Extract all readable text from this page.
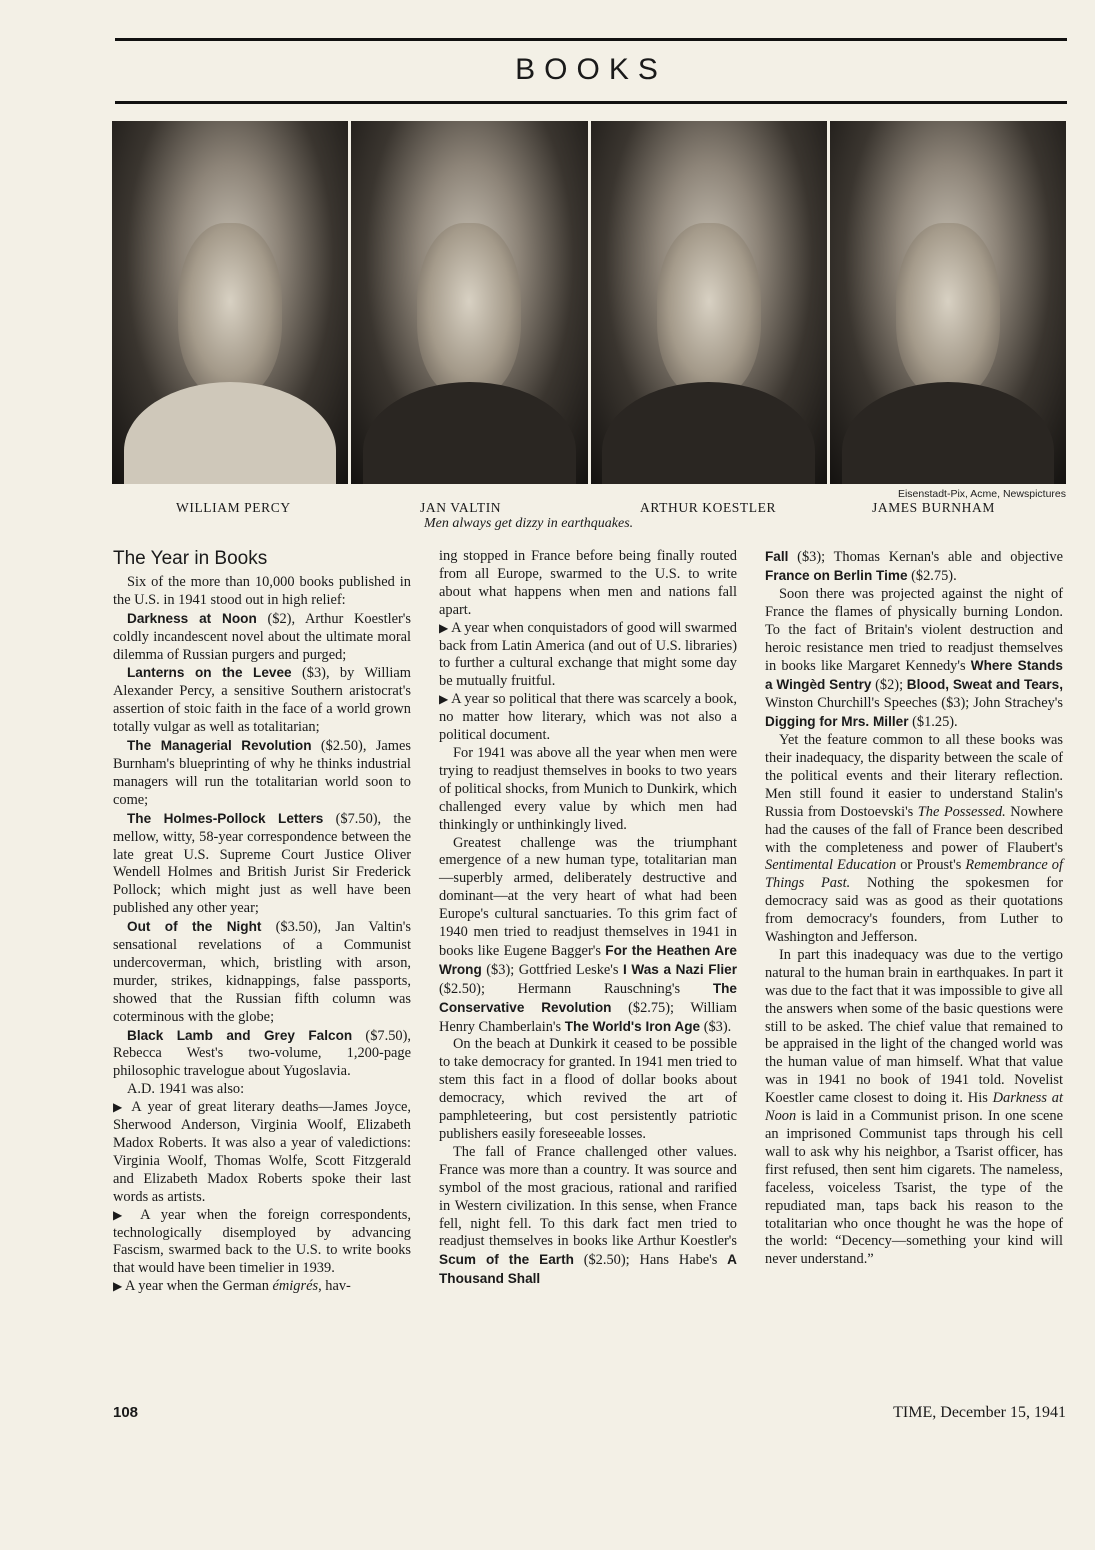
BOOKS
Eisenstadt-Pix, Acme, Newspictures
WILLIAM PERCY	JAN VALTIN	ARTHUR KOESTLER	JAMES BURNHAM
Men always get dizzy in earthquakes.

The Year in Books

Six of the more than 10,000 books published in the U.S. in 1941 stood out in high relief:

Darkness at Noon ($2), Arthur Koestler's coldly incandescent novel about the ultimate moral dilemma of Russian purgers and purged;

Lanterns on the Levee ($3), by William Alexander Percy, a sensitive Southern aristocrat's assertion of stoic faith in the face of a world grown totally vulgar as well as totalitarian;

The Managerial Revolution ($2.50), James Burnham's blueprinting of why he thinks industrial managers will run the totalitarian world soon to come;

The Holmes-Pollock Letters ($7.50), the mellow, witty, 58-year correspondence between the late great U.S. Supreme Court Justice Oliver Wendell Holmes and British Jurist Sir Frederick Pollock; which might just as well have been published any other year;

Out of the Night ($3.50), Jan Valtin's sensational revelations of a Communist undercoverman, which, bristling with arson, murder, strikes, kidnappings, false passports, showed that the Russian fifth column was coterminous with the globe;

Black Lamb and Grey Falcon ($7.50), Rebecca West's two-volume, 1,200-page philosophic travelogue about Yugoslavia.

A.D. 1941 was also:

▶ A year of great literary deaths—James Joyce, Sherwood Anderson, Virginia Woolf, Elizabeth Madox Roberts. It was also a year of valedictions: Virginia Woolf, Thomas Wolfe, Scott Fitzgerald and Elizabeth Madox Roberts spoke their last words as artists.

▶ A year when the foreign correspondents, technologically disemployed by advancing Fascism, swarmed back to the U.S. to write books that would have been timelier in 1939.

▶ A year when the German émigrés, hav-

ing stopped in France before being finally routed from all Europe, swarmed to the U.S. to write about what happens when men and nations fall apart.

▶ A year when conquistadors of good will swarmed back from Latin America (and out of U.S. libraries) to further a cultural exchange that might some day be mutually fruitful.

▶ A year so political that there was scarcely a book, no matter how literary, which was not also a political document.

For 1941 was above all the year when men were trying to readjust themselves in books to two years of political shocks, from Munich to Dunkirk, which challenged every value by which men had thinkingly or unthinkingly lived.

Greatest challenge was the triumphant emergence of a new human type, totalitarian man—superbly armed, deliberately destructive and dominant—at the very heart of what had been Europe's cultural sanctuaries. To this grim fact of 1940 men tried to readjust themselves in 1941 in books like Eugene Bagger's For the Heathen Are Wrong ($3); Gottfried Leske's I Was a Nazi Flier ($2.50); Hermann Rauschning's The Conservative Revolution ($2.75); William Henry Chamberlain's The World's Iron Age ($3).

On the beach at Dunkirk it ceased to be possible to take democracy for granted. In 1941 men tried to stem this fact in a flood of dollar books about democracy, which revived the art of pamphleteering, but cost persistently patriotic publishers easily foreseeable losses.

The fall of France challenged other values. France was more than a country. It was source and symbol of the most gracious, rational and rarified in Western civilization. In this sense, when France fell, night fell. To this dark fact men tried to readjust themselves in books like Arthur Koestler's Scum of the Earth ($2.50); Hans Habe's A Thousand Shall

Fall ($3); Thomas Kernan's able and objective France on Berlin Time ($2.75).

Soon there was projected against the night of France the flames of physically burning London. To the fact of Britain's violent destruction and heroic resistance men tried to readjust themselves in books like Margaret Kennedy's Where Stands a Wingèd Sentry ($2); Blood, Sweat and Tears, Winston Churchill's Speeches ($3); John Strachey's Digging for Mrs. Miller ($1.25).

Yet the feature common to all these books was their inadequacy, the disparity between the scale of the political events and their literary reflection. Men still found it easier to understand Stalin's Russia from Dostoevski's The Possessed. Nowhere had the causes of the fall of France been described with the completeness and power of Flaubert's Sentimental Education or Proust's Remembrance of Things Past. Nothing the spokesmen for democracy said was as good as their quotations from democracy's founders, from Luther to Washington and Jefferson.

In part this inadequacy was due to the vertigo natural to the human brain in earthquakes. In part it was due to the fact that it was impossible to give all the answers when some of the basic questions were still to be asked. The chief value that remained to be appraised in the light of the changed world was the human value of man himself. What that value was in 1941 no book of 1941 told. Novelist Koestler came closest to doing it. His Darkness at Noon is laid in a Communist prison. In one scene an imprisoned Communist taps through his cell wall to ask why his neighbor, a Tsarist officer, has first refused, then sent him cigarets. The nameless, faceless, voiceless Tsarist, the type of the repudiated man, taps back his reason to the totalitarian who once thought he was the hope of the world: “Decency—something your kind will never understand.”

108	TIME, December 15, 1941
